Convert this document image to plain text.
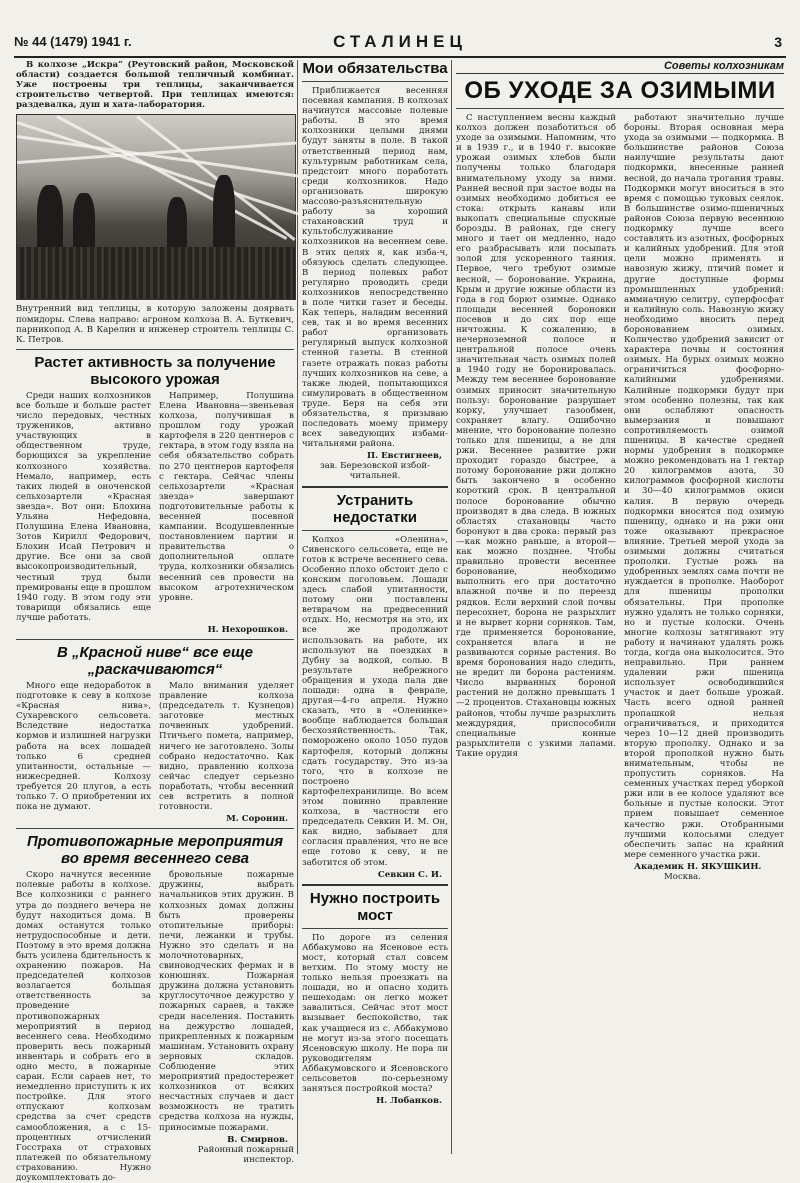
№ 44 (1479) 1941 г.	СТАЛИНЕЦ	3

В колхозе „Искра“ (Реутовский район, Московской области) создается большой тепличный комбинат. Уже построены три теплицы, заканчивается строительство четвертой. При теплицах имеются: раздевалка, душ и хата-лаборатория.

Внутренний вид теплицы, в которую заложены доярвать помидоры. Слева направо: агроном колхоза В. А. Буткевич, парникопод А. В Карелин и инженер строитель теплицы С. К. Петров.

Растет активность за получение высокого урожая

Среди наших колхозников все больше и больше растет число передовых, честных тружеников, активно участвующих в общественном труде, борющихся за укрепление колхозного хозяйства. Немало, например, есть таких людей в оноченской сельхозартели «Красная звезда». Вот они: Блохина Ульяна Нефедовна, Полушина Елена Ивановна, Зотов Кирилл Федорович, Блохин Исай Петрович и другие. Все они за свой высокопроизводительный, честный труд были премированы еще в прошлом 1940 году. В этом году эти товарищи обязались еще лучше работать.

Например, Полушина Елена Ивановна—звеньевая колхоза, получившая в прошлом году урожай картофеля в 220 центнеров с гектара, в этом году взяла на себя обязательство собрать по 270 центнеров картофеля с гектара. Сейчас члены сельхозартели «Красная звезда» завершают подготовительные работы к весенней посевной кампании. Всодушевленные постановлением партии и правительства о дополнительной оплате труда, колхозники обязались весенний сев провести на высоком агротехническом уровне.

Н. Нехорошков.
В „Красной ниве“ все еще „раскачиваются“

Много еще недоработок в подготовке к севу в колхозе «Красная нива», Сухаревского сельсовета. Вследствие недостатка кормов и излишней нагрузки работа на всех лошадей только 6 средней упитанности, остальные — нижесредней. Колхозу требуется 20 плугов, а есть только 7. О приобретении их пока не думают.

Мало внимания уделяет правление колхоза (председатель т. Кузнецов) заготовке местных почвенных удобрений. Птичьего помета, например, ничего не заготовлено. Золы собрано недостаточно. Как видно, правлению колхоза сейчас следует серьезно поработать, чтобы весенний сев встретить в полной готовности.

М. Соронин.
Противопожарные мероприятия во время весеннего сева

Скоро начнутся весенние полевые работы в колхозе. Все колхозники с раннего утра до позднего вечера не будут находиться дома. В домах останутся только нетрудоспособные и дети. Поэтому в это время должна быть усилена бдительность к охранению пожаров. На председателей колхозов возлагается большая ответственность за проведение противопожарных мероприятий в период весеннего сева. Необходимо проверить весь пожарный инвентарь и собрать его в одно место, в пожарные сараи. Если сараев нет, то немедленно приступить к их постройке. Для этого отпускают колхозам средства за счет средств самообложения, а с 15-процентных отчислений Госстраха от страховых платежей по обязательному страхованию. Нужно доукомплектовать до-

бровольные пожарные дружины, выбрать начальников этих дружин. В колхозных домах должны быть проверены отопительные приборы: печи, лежанки и трубы. Нужно это сделать и на молочнотоварных, свиноводческих фермах и в конюшнях. Пожарная дружина должна установить круглосуточное дежурство у пожарных сараев, а также среди населения. Поставить на дежурство лошадей, прикрепленных к пожарным машинам. Установить охрану зерновых складов. Соблюдение этих мероприятий предостережет колхозников от всяких несчастных случаев и даст возможность не тратить средства колхоза на нужды, приносимые пожарами.

В. Смирнов.

Районный пожарный инспектор.

Мои обязательства

Приближается весенняя посевная кампания. В колхозах начинутся массовые полевые работы. В это время колхозники целыми днями будут заняты в поле. В такой ответственный период нам, культурным работникам села, предстоит много поработать среди колхозников. Надо организовать широкую массово-разъяснительную работу за хороший стахановский труд и культобслуживание колхозников на весеннем севе. В этих целях я, как изба-ч, обязуюсь сделать следующее. В период полевых работ регулярно проводить среди колхозников непосредственно в поле читки газет и беседы. Как теперь, наладим весенний сев, так и во время весенних работ организовать регулярный выпуск колхозной стенной газеты. В стенной газете отражать показ работы лучших колхозников на севе, а также людей, попытающихся симулировать в общественном труде. Беря на себя эти обязательства, я призываю последовать моему примеру всех заведующих избами-читальнями района.

П. Евстигнеев,

зав. Березовской избой-читальней.

Устранить недостатки

Колхоз «Оленина», Сивенского сельсовета, еще не готов к встрече весеннего сева. Особенно плохо обстоит дело с конским поголовьем. Лошади здесь слабой упитанности, потому они поставлены ветврачом на предвесенний отдых. Но, несмотря на это, их все же продолжают использовать на работе, их используют на поездках в Дубну за водкой, солью. В результате небрежного обращения и ухода пала две лошади: одна в феврале, другая—4-го апреля. Нужно сказать, что в «Оленинке» вообще наблюдается большая бесхозяйственность. Так, поморожено около 1050 пудов картофеля, который должны сдать государству. Это из-за того, что в колхозе не построено картофелехранилище. Во всем этом повинно правление колхоза, в частности его председатель Севкин И. М. Он, как видно, забывает для согласия правления, что не все еще готово к севу, и не заботится об этом.

Севкин С. И.
Нужно построить мост

По дороге из селения Аббакумово на Ясеновое есть мост, который стал совсем ветхим. По этому мосту не только нельзя проезжать на лошади, но и опасно ходить пешеходам: он легко может завалиться. Сейчас этот мост вызывает беспокойство, так как учащиеся из с. Аббакумово не могут из-за этого посещать Ясеновскую школу. Не пора ли руководителям Аббакумовского и Ясеновского сельсоветов по-серьезному заняться постройкой моста?

Н. Лобанков.
Советы колхозникам
ОБ УХОДЕ ЗА ОЗИМЫМИ

С наступлением весны каждый колхоз должен позаботиться об уходе за озимыми. Напомним, что и в 1939 г., и в 1940 г. высокие урожаи озимых хлебов были получены только благодаря внимательному уходу за ними. Ранней весной при застое воды на озимых необходимо добиться ее стока: открыть канавы или выкопать специальные спускные борозды. В районах, где снегу много и тает он медленно, надо его разбрасывать или посыпать золой для ускоренного таяния. Первое, чего требуют озимые весной, — боронование. Украина, Крым и другие южные области из года в год борют озимые. Однако площади весенней бороновки посевов и до сих пор еще ничтожны. К сожалению, в нечерноземной полосе и центральной полосе очень значительная часть озимых полей в 1940 году не боронировалась. Между тем весеннее боронование озимых приносит значительную пользу: боронование разрушает корку, улучшает газообмен, сохраняет влагу. Ошибочно мнение, что боронование полезно только для пшеницы, а не для ржи. Весеннее развитие ржи проходит гораздо быстрее, а потому боронование ржи должно быть закончено в особенно короткий срок. В центральной полосе боронование обычно производят в два следа. В южных областях стахановцы часто боронуют в два срока: первый раз—как можно раньше, а второй—как можно позднее. Чтобы правильно провести весеннее боронование, необходимо выполнить его при достаточно влажной почве и по переезд рядков. Если верхний слой почвы пересохнет, борона не разрыхлит и не вырвет корни сорняков. Там, где применяется боронование, сохраняется влага и не развиваются сорные растения. Во время боронования надо следить, не вредит ли борона растениям. Число вырванных бороной растений не должно превышать 1—2 процентов. Стахановцы южных районов, чтобы лучше разрыхлить междурядия, приспособили специальные конные разрыхлители с узкими лапами. Такие орудия

работают значительно лучше бороны. Вторая основная мера ухода за озимыми — подкормка. В большинстве районов Союза наилучшие результаты дают подкормки, внесенные ранней весной, до начала трогания травы. Подкормки могут вноситься в это время с помощью туковых сеялок. В большинстве озимо-пшеничных районов Союза первую весеннюю подкормку лучше всего составлять из азотных, фосфорных и калийных удобрений. Для этой цели можно применять и навозную жижу, птичий помет и другие доступные формы промышленных удобрений: аммиачную селитру, суперфосфат и калийную соль. Навозную жижу необходимо вносить перед боронованием озимых. Количество удобрений зависит от характера почвы и состояния озимых. На бурых озимых можно ограничиться фосфорно-калийными удобрениями. Калийные подкормки будут при этом особенно полезны, так как они ослабляют опасность вымерзания и повышают сопротивляемость озимой пшеницы. В качестве средней нормы удобрения в подкормке можно рекомендовать на 1 гектар 20 килограммов азота, 30 килограммов фосфорной кислоты и 30—40 килограммов окиси калия. В первую очередь подкормки вносятся под озимую пшеницу, однако и на ржи они тоже оказывают прекрасное влияние. Третьей мерой ухода за озимыми должны считаться прополки. Густые рожь на удобренных землях сама почти не нуждается в прополке. Наоборот для пшеницы прополки обязательны. При прополке нужно удалять не только сорняки, но и пустые колоски. Очень многие колхозы затягивают эту работу и начинают удалять рожь тогда, когда она выколосится. Это неправильно. При раннем удалении ржи пшеница использует освободившийся участок и дает больше урожай. Часть всего одной ранней пропашкой нельзя ограничиваться, и приходится через 10—12 дней производить вторую прополку. Однако и за второй прополкой нужно быть внимательным, чтобы не пропустить сорняков. На семенных участках перед уборкой ржи или в ее колосе удаляют все больные и пустые колоски. Этот прием повышает семенное качество ржи. Отобранными лучшими колосьями следует обеспечить запас на крайний мере семенного участка ржи.

Академик Н. ЯКУШКИН.

Москва.
